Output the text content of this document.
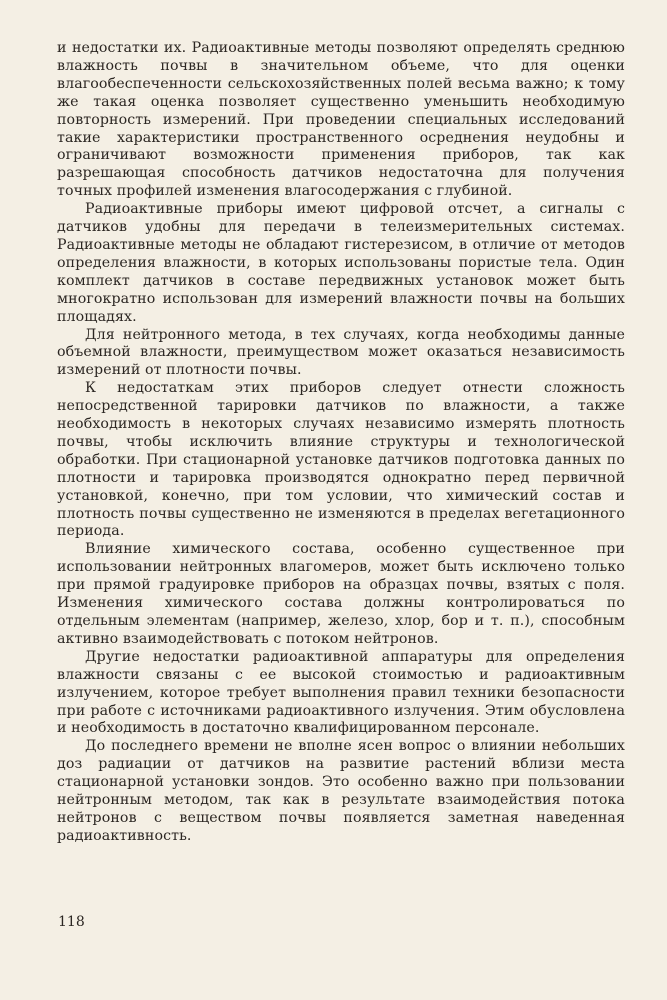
и недостатки их. Радиоактивные методы позволяют определять среднюю влажность почвы в значительном объеме, что для оценки влагообеспеченности сельскохозяйственных полей весьма важно; к тому же такая оценка позволяет существенно уменьшить необходимую повторность измерений. При проведении специальных исследований такие характеристики пространственного осреднения неудобны и ограничивают возможности применения приборов, так как разрешающая способность датчиков недостаточна для получения точных профилей изменения влагосодержания с глубиной.

Радиоактивные приборы имеют цифровой отсчет, а сигналы с датчиков удобны для передачи в телеизмерительных системах. Радиоактивные методы не обладают гистерезисом, в отличие от методов определения влажности, в которых использованы пористые тела. Один комплект датчиков в составе передвижных установок может быть многократно использован для измерений влажности почвы на больших площадях.

Для нейтронного метода, в тех случаях, когда необходимы данные объемной влажности, преимуществом может оказаться независимость измерений от плотности почвы.

К недостаткам этих приборов следует отнести сложность непосредственной тарировки датчиков по влажности, а также необходимость в некоторых случаях независимо измерять плотность почвы, чтобы исключить влияние структуры и технологической обработки. При стационарной установке датчиков подготовка данных по плотности и тарировка производятся однократно перед первичной установкой, конечно, при том условии, что химический состав и плотность почвы существенно не изменяются в пределах вегетационного периода.

Влияние химического состава, особенно существенное при использовании нейтронных влагомеров, может быть исключено только при прямой градуировке приборов на образцах почвы, взятых с поля. Изменения химического состава должны контролироваться по отдельным элементам (например, железо, хлор, бор и т. п.), способным активно взаимодействовать с потоком нейтронов.

Другие недостатки радиоактивной аппаратуры для определения влажности связаны с ее высокой стоимостью и радиоактивным излучением, которое требует выполнения правил техники безопасности при работе с источниками радиоактивного излучения. Этим обусловлена и необходимость в достаточно квалифицированном персонале.

До последнего времени не вполне ясен вопрос о влиянии небольших доз радиации от датчиков на развитие растений вблизи места стационарной установки зондов. Это особенно важно при пользовании нейтронным методом, так как в результате взаимодействия потока нейтронов с веществом почвы появляется заметная наведенная радиоактивность.

118
